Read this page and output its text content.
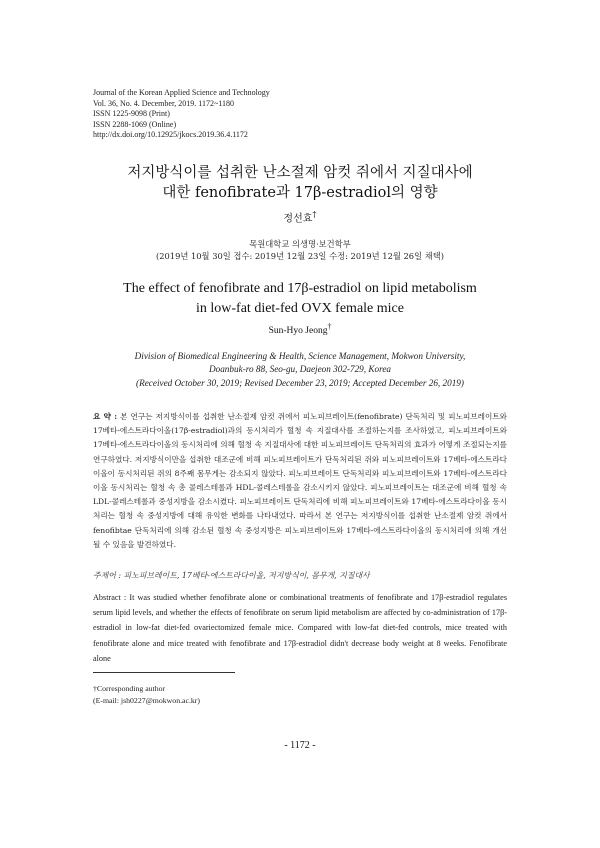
Journal of the Korean Applied Science and Technology
Vol. 36, No. 4. December, 2019. 1172~1180
ISSN 1225-9098 (Print)
ISSN 2288-1069 (Online)
http://dx.doi.org/10.12925/jkocs.2019.36.4.1172
저지방식이를 섭취한 난소절제 암컷 쥐에서 지질대사에
대한 fenofibrate과 17β-estradiol의 영향
정선효†
목원대학교 의생명·보건학부
(2019년 10월 30일 접수: 2019년 12월 23일 수정: 2019년 12월 26일 채택)
The effect of fenofibrate and 17β-estradiol on lipid metabolism
in low-fat diet-fed OVX female mice
Sun-Hyo Jeong†
Division of Biomedical Engineering & Health, Science Management, Mokwon University,
Doanbuk-ro 88, Seo-gu, Daejeon 302-729, Korea
(Received October 30, 2019; Revised December 23, 2019; Accepted December 26, 2019)
요 약 : 본 연구는 저지방식이를 섭취한 난소절제 암컷 쥐에서 피노피브레이트(fenofibrate) 단독처리 및 피노피브레이트와 17베타-에스트라다이올(17β-estradiol)과의 동시처리가 혈청 속 지질대사를 조절하는지를 조사하였고, 피노피브레이트와 17베타-에스트라다이올의 동시처리에 의해 혈청 속 지질대사에 대한 피노피브레이트 단독처리의 효과가 어떻게 조절되는지를 연구하였다. 저지방식이만을 섭취한 대조군에 비해 피노피브레이트가 단독처리된 쥐와 피노피브레이트와 17베타-에스트라다이올이 동시처리된 쥐의 8주째 몸무게는 감소되지 않았다. 피노피브레이트 단독처리와 피노피브레이트와 17베타-에스트라다이올 동시처리는 혈청 속 총 콜레스테롤과 HDL-콜레스테롤을 감소시키지 않았다. 피노피브레이트는 대조군에 비해 혈청 속 LDL-콜레스테롤과 중성지방을 감소시켰다. 피노피브레이트 단독처리에 비해 피노피브레이트와 17베타-에스트라다이올 동시처리는 혈청 속 중성지방에 대해 유익한 변화를 나타내었다. 따라서 본 연구는 저지방식이를 섭취한 난소절제 암컷 쥐에서 fenofibtae 단독처리에 의해 감소된 혈청 속 중성지방은 피노피브레이트와 17베타-에스트라다이올의 동시처리에 의해 개선될 수 있음을 발견하였다.
주제어 : 피노피브레이트, 17베타-에스트라다이올, 저지방식이, 몸무게, 지질대사
Abstract : It was studied whether fenofibrate alone or combinational treatments of fenofibrate and 17β-estradiol regulates serum lipid levels, and whether the effects of fenofibrate on serum lipid metabolism are affected by co-administration of 17β-estradiol in low-fat diet-fed ovariectomized female mice. Compared with low-fat diet-fed controls, mice treated with fenofibrate alone and mice treated with fenofibrate and 17β-estradiol didn't decrease body weight at 8 weeks. Fenofibrate alone
†Corresponding author
(E-mail: jsh0227@mokwon.ac.kr)
- 1172 -
